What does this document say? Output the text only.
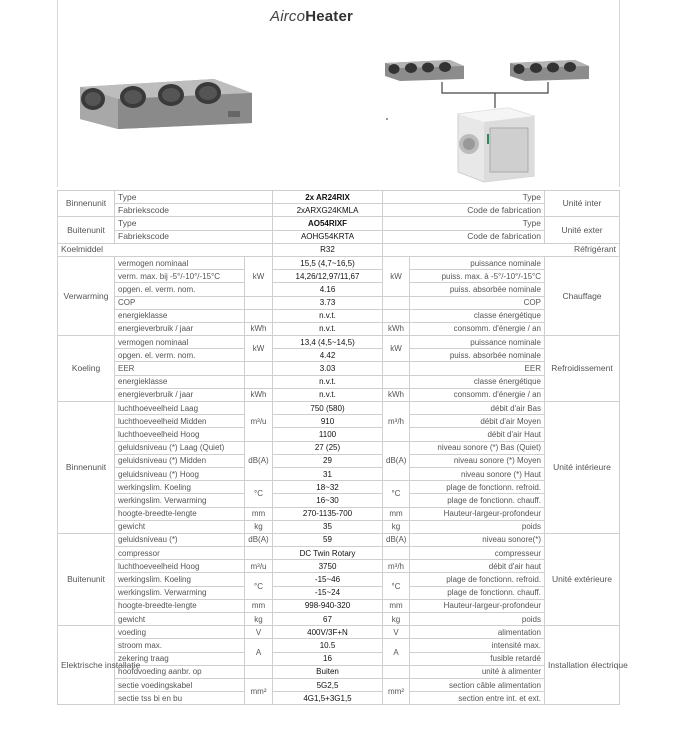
AircoHeater
Binnenunit	Type		2x AR24RIX	Type		Unité inter
	Fabriekscode		2xARXG24KMLA	Code de fabrication		
Buitenunit	Type		AO54RIXF	Type		Unité exter
	Fabriekscode		AOHG54KRTA	Code de fabrication		
Koelmiddel			R32	Réfrigérant		
Verwarming	vermogen nominaal	kW	15,5 (4,7~16,5)	kW	puissance nominale	Chauffage
	verm. max. bij -5°/-10°/-15°C		14,26/12,97/11,67		puiss. max. à -5°/-10°/-15°C	
	opgen. el. verm. nom.		4.16		puiss. absorbée nominale	
	COP		3.73		COP	
	energieklasse		n.v.t.		classe énergétique	
	energieverbruik / jaar	kWh	n.v.t.	kWh	consomm. d'énergie / an	
Koeling	vermogen nominaal	kW	13,4 (4,5~14,5)	kW	puissance nominale	Refroidissement
	opgen. el. verm. nom.		4.42		puiss. absorbée nominale	
	EER		3.03		EER	
	energieklasse		n.v.t.		classe énergétique	
	energieverbruik / jaar	kWh	n.v.t.	kWh	consomm. d'énergie / an	
Binnenunit	luchthoeveelheid Laag	m³/u	750 (580)	m³/h	débit d'air Bas	Unité intérieure
	luchthoeveelheid Midden		910		débit d'air Moyen	
	luchthoeveelheid Hoog		1100		débit d'air Haut	
	geluidsniveau (*) Laag (Quiet)	dB(A)	27 (25)	dB(A)	niveau sonore (*) Bas (Quiet)	
	geluidsniveau (*) Midden		29		niveau sonore (*) Moyen	
	geluidsniveau (*) Hoog		31		niveau sonore (*) Haut	
	werkingslim. Koeling	°C	18~32	°C	plage de fonctionn. refroid.	
	werkingslim. Verwarming		16~30		plage de fonctionn. chauff.	
	hoogte-breedte-lengte	mm	270-1135-700	mm	Hauteur-largeur-profondeur	
	gewicht	kg	35	kg	poids	
Buitenunit	geluidsniveau (*)	dB(A)	59	dB(A)	niveau sonore(*)	Unité extérieure
	compressor		DC Twin Rotary		compresseur	
	luchthoeveelheid Hoog	m³/u	3750	m³/h	débit d'air haut	
	werkingslim. Koeling	°C	-15~46	°C	plage de fonctionn. refroid.	
	werkingslim. Verwarming		-15~24		plage de fonctionn. chauff.	
	hoogte-breedte-lengte	mm	998-940-320	mm	Hauteur-largeur-profondeur	
	gewicht	kg	67	kg	poids	
Elektrische installatie	voeding	V	400V/3F+N	V	alimentation	Installation électrique
	stroom max.	A	10.5	A	intensité max.	
	zekering traag		16		fusible retardé	
	hoofdvoeding aanbr. op		Buiten		unité à alimenter	
	sectie voedingskabel	mm²	5G2,5	mm²	section câble alimentation	
	sectie tss bi en bu		4G1,5+3G1,5		section entre int. et ext.	
